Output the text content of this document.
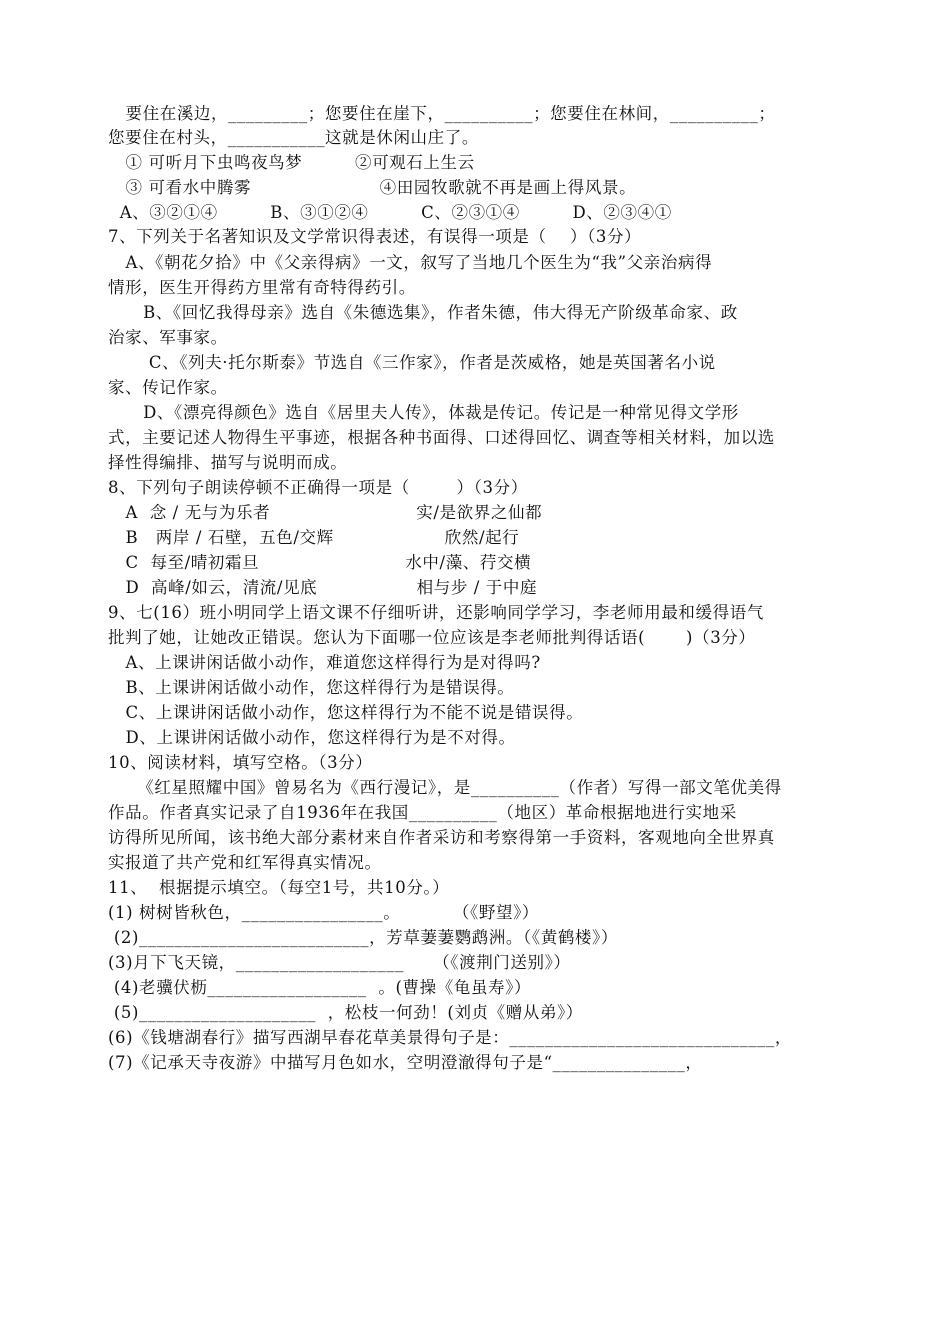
要住在溪边，_________；您要住在崖下，__________；您要住在林间，__________；
您要住在村头，___________这就是休闲山庄了。
① 可听月下虫鸣夜鸟梦         ②可观石上生云
③ 可看水中腾雾                      ④田园牧歌就不再是画上得风景。
A、③②①④         B、③①②④         C、②③①④         D、②③④①
7、下列关于名著知识及文学常识得表述，有误得一项是（    ）（3分）
A、《朝花夕拾》中《父亲得病》一文，叙写了当地几个医生为“我”父亲治病得
情形，医生开得药方里常有奇特得药引。
B、《回忆我得母亲》选自《朱德选集》，作者朱德，伟大得无产阶级革命家、政
治家、军事家。
C、《列夫·托尔斯泰》节选自《三作家》，作者是茨威格，她是英国著名小说
家、传记作家。
D、《漂亮得颜色》选自《居里夫人传》，体裁是传记。传记是一种常见得文学形
式，主要记述人物得生平事迹，根据各种书面得、口述得回忆、调查等相关材料，加以选
择性得编排、描写与说明而成。
8、下列句子朗读停顿不正确得一项是（        ）（3分）
A  念 / 无与为乐者                         实/是欲界之仙都
B   两岸 / 石壁，五色/交辉                   欣然/起行
C  每至/晴初霜旦                         水中/藻、荇交横
D  高峰/如云，清流/见底                 相与步 / 于中庭
9、七(16）班小明同学上语文课不仔细听讲，还影响同学学习，李老师用最和缓得语气
批判了她，让她改正错误。您认为下面哪一位应该是李老师批判得话语(       )（3分）
A、上课讲闲话做小动作，难道您这样得行为是对得吗?
B、上课讲闲话做小动作，您这样得行为是错误得。
C、上课讲闲话做小动作，您这样得行为不能不说是错误得。
D、上课讲闲话做小动作，您这样得行为是不对得。
10、阅读材料，填写空格。（3分）
《红星照耀中国》曾易名为《西行漫记》，是__________（作者）写得一部文笔优美得
作品。作者真实记录了自1936年在我国__________（地区）革命根据地进行实地采
访得所见所闻，该书绝大部分素材来自作者采访和考察得第一手资料，客观地向全世界真
实报道了共产党和红军得真实情况。
11、  根据提示填空。（每空1号，共10分。）
(1) 树树皆秋色，________________。         （《野望》）
(2)__________________________，芳草萋萋鹦鹉洲。（《黄鹤楼》）
(3)月下飞天镜，___________________     （《渡荆门送别》）
(4)老骥伏枥__________________  。(曹操《龟虽寿》）
(5)____________________  ，松枝一何劲！(刘贞《赠从弟》）
(6)《钱塘湖春行》描写西湖早春花草美景得句子是：______________________________，
(7)《记承天寺夜游》中描写月色如水，空明澄澈得句子是“_______________，
